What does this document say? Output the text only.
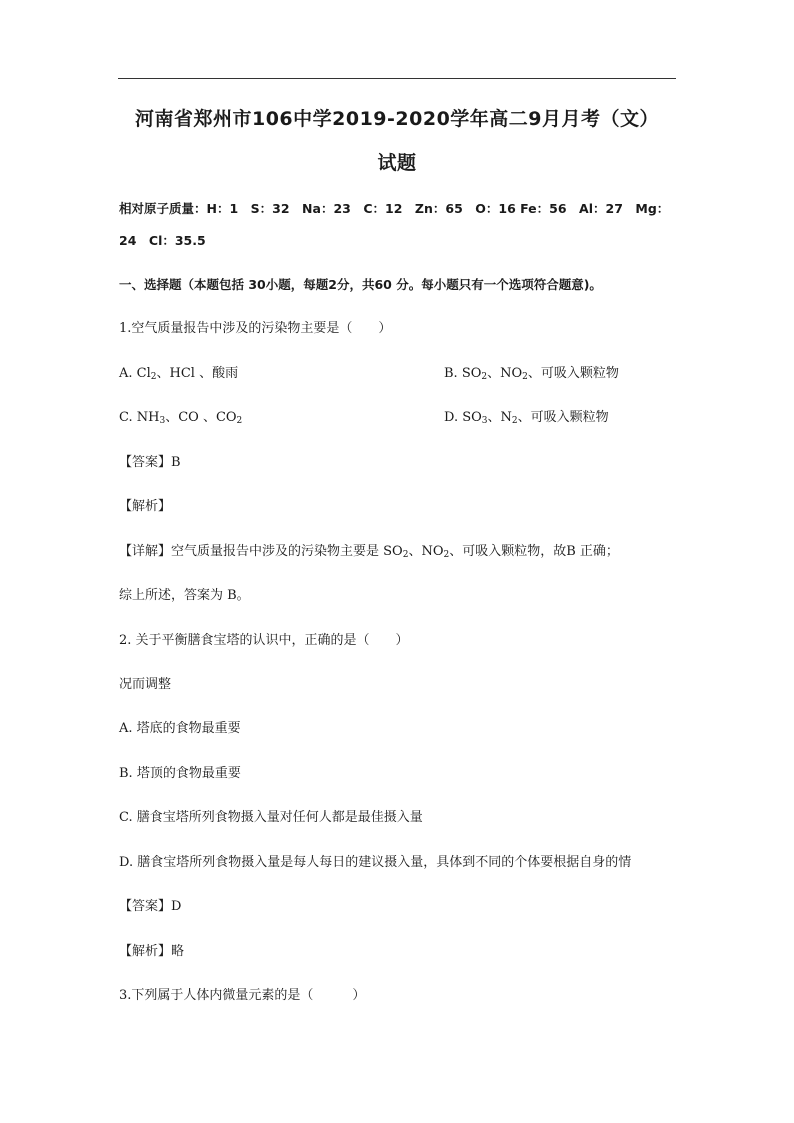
河南省郑州市106中学2019-2020学年高二9月月考（文）
试题
相对原子质量：H：1　S：32　Na：23　C：12　Zn：65　O：16 Fe：56　Al：27　Mg：
24　Cl：35.5
一、选择题（本题包括 30小题，每题2分，共60 分。每小题只有一个选项符合题意)。
1.空气质量报告中涉及的污染物主要是（　　）
A. $Cl_2$、HCl 、酸雨	B. $SO_2$、$NO_2$、可吸入颗粒物
C. $NH_3$、CO 、$CO_2$	D. $SO_3$、$N_2$、可吸入颗粒物
【答案】B
【解析】
【详解】空气质量报告中涉及的污染物主要是 $SO_2$、$NO_2$、可吸入颗粒物，故B 正确；
综上所述，答案为 B。
2. 关于平衡膳食宝塔的认识中，正确的是（　　）
况而调整
A. 塔底的食物最重要
B. 塔顶的食物最重要
C. 膳食宝塔所列食物摄入量对任何人都是最佳摄入量
D. 膳食宝塔所列食物摄入量是每人每日的建议摄入量，具体到不同的个体要根据自身的情
【答案】D
【解析】略
3.下列属于人体内微量元素的是（　　　）
